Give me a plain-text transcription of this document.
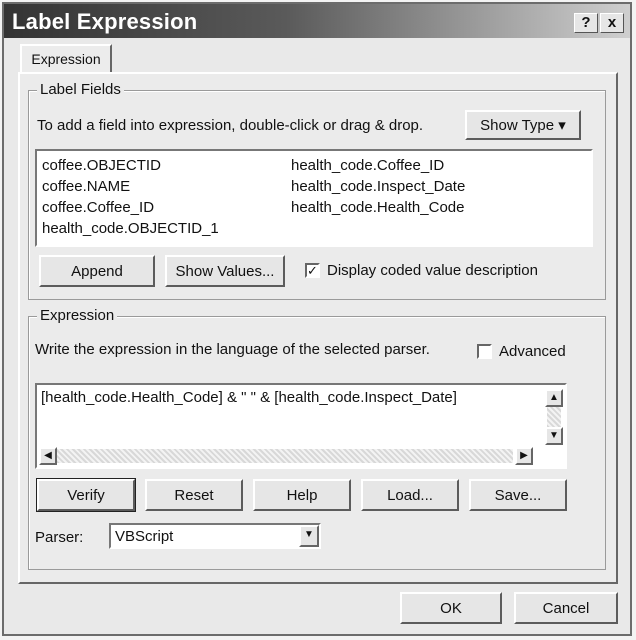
Label Expression	?	x
Expression
Label Fields
To add a field into expression, double-click or drag & drop.	Show Type
▾
coffee.OBJECTID
coffee.NAME
coffee.Coffee_ID
health_code.OBJECTID_1
health_code.Coffee_ID
health_code.Inspect_Date
health_code.Health_Code
Append	Show Values...	✓ Display coded value description
Expression
Write the expression in the language of the selected parser.	Advanced
[health_code.Health_Code] & " " & [health_code.Inspect_Date]	▲
▼
◀	▶
Verify	Reset	Help	Load...	Save...
Parser: VBScript	▼
OK	Cancel
